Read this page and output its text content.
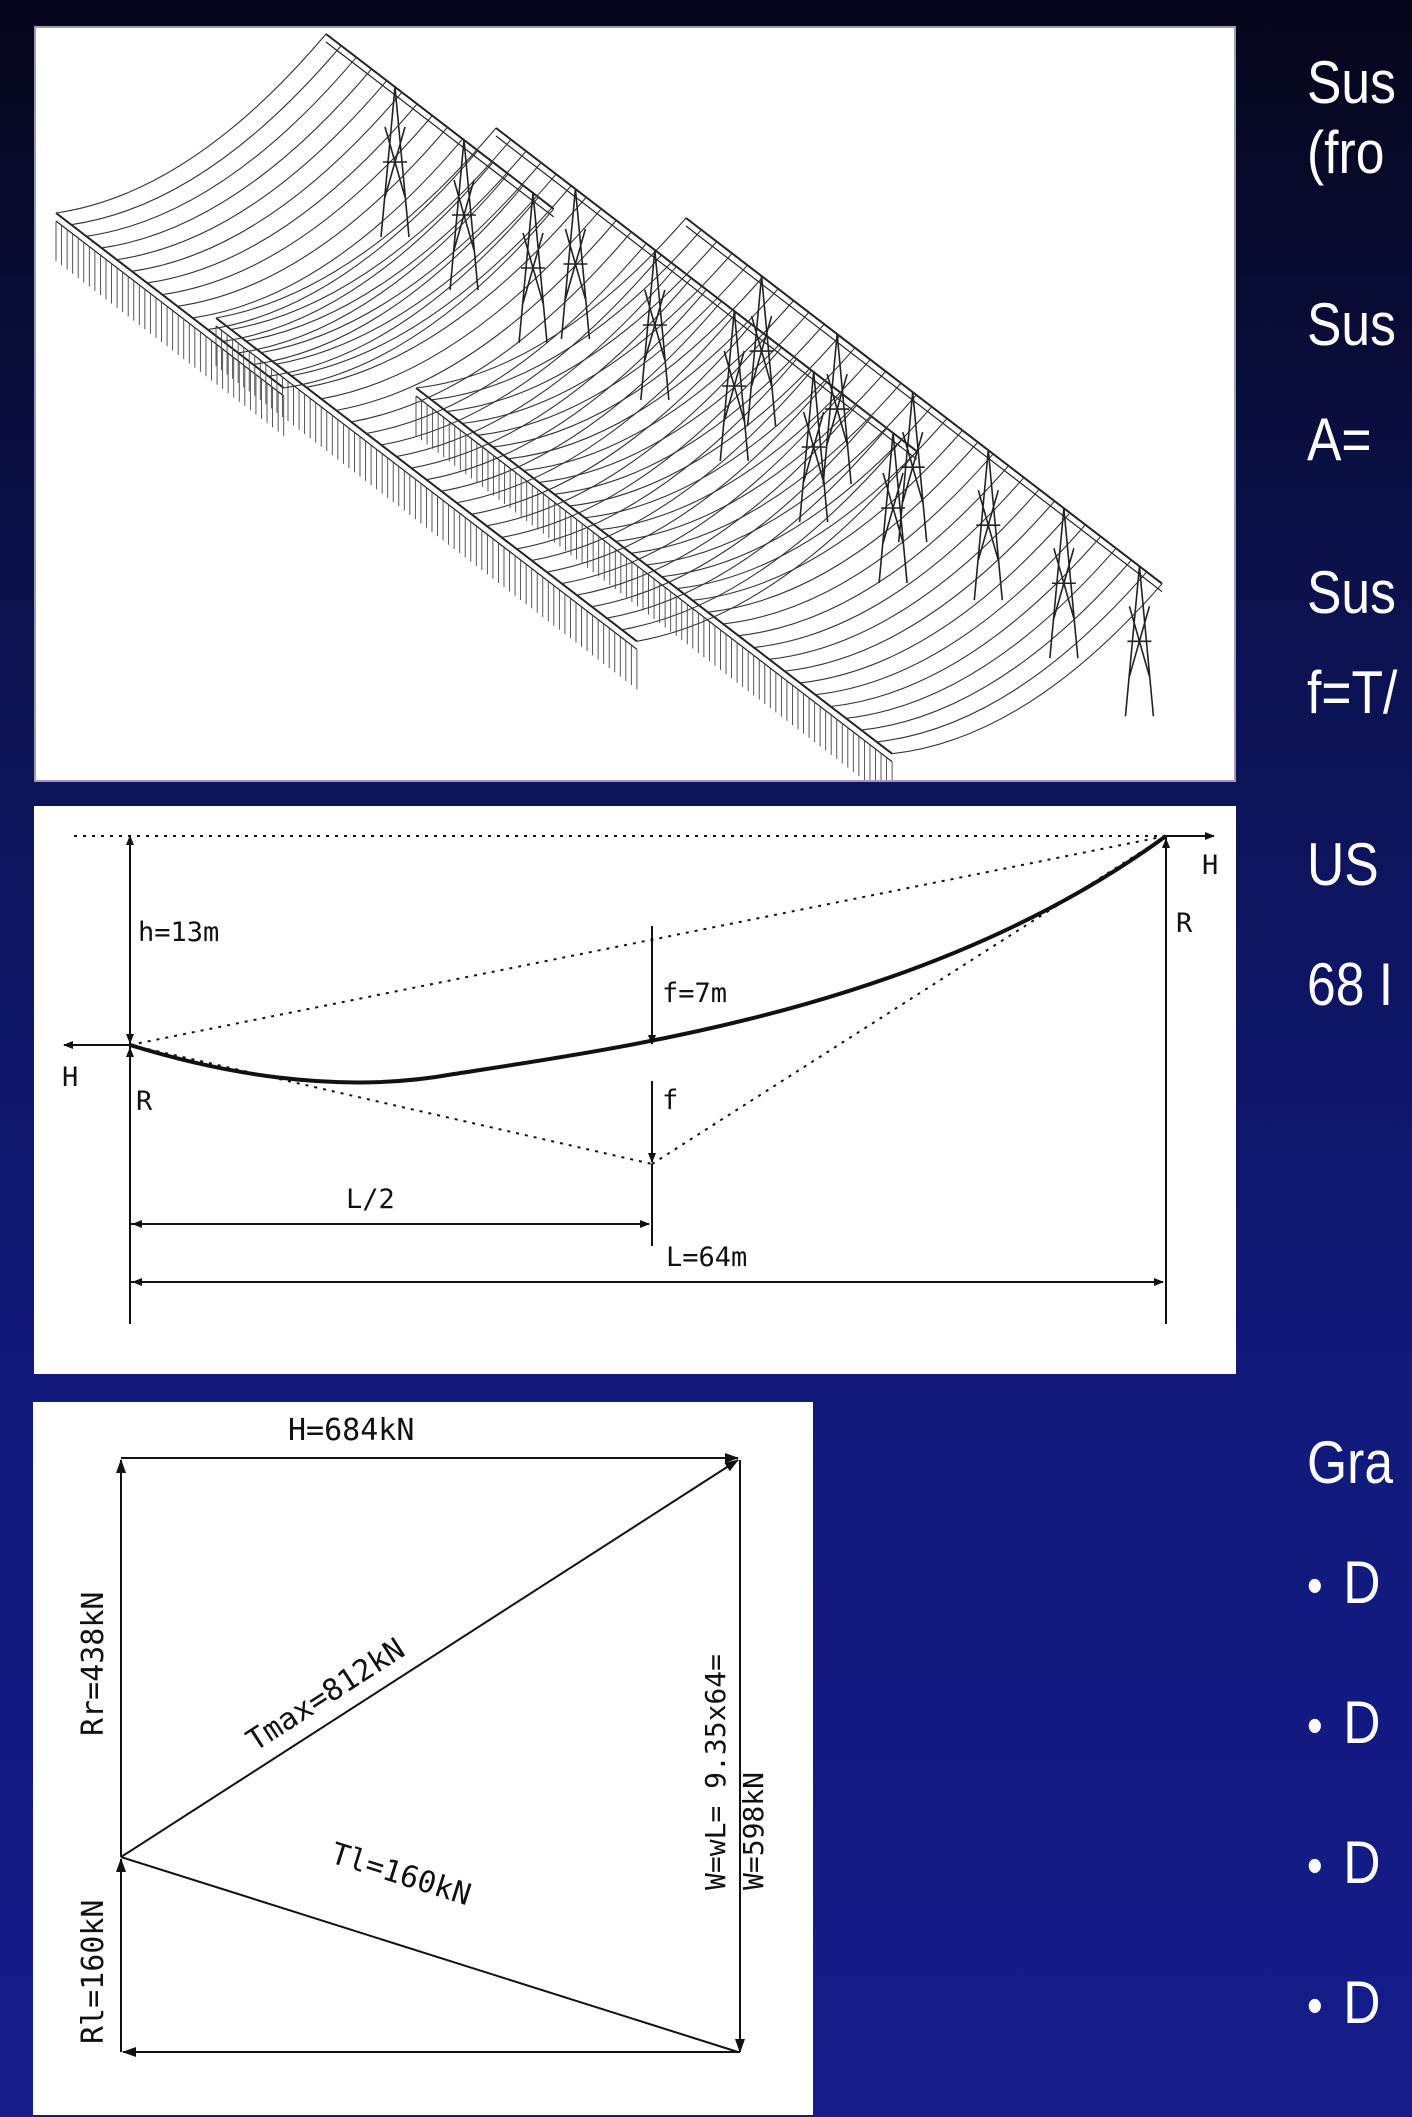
h=13m
f=7m
f
L/2
L=64m
H
H
R
R
H=684kN
Rr=438kN
Rl=160kN
Tmax=812kN
Tl=160kN	W=wL= 9.35x64= W=598kN
Sus
(fro
Sus
A=
Sus
f=T/
US
68 I
Gra
• D
• D
• D
• D
